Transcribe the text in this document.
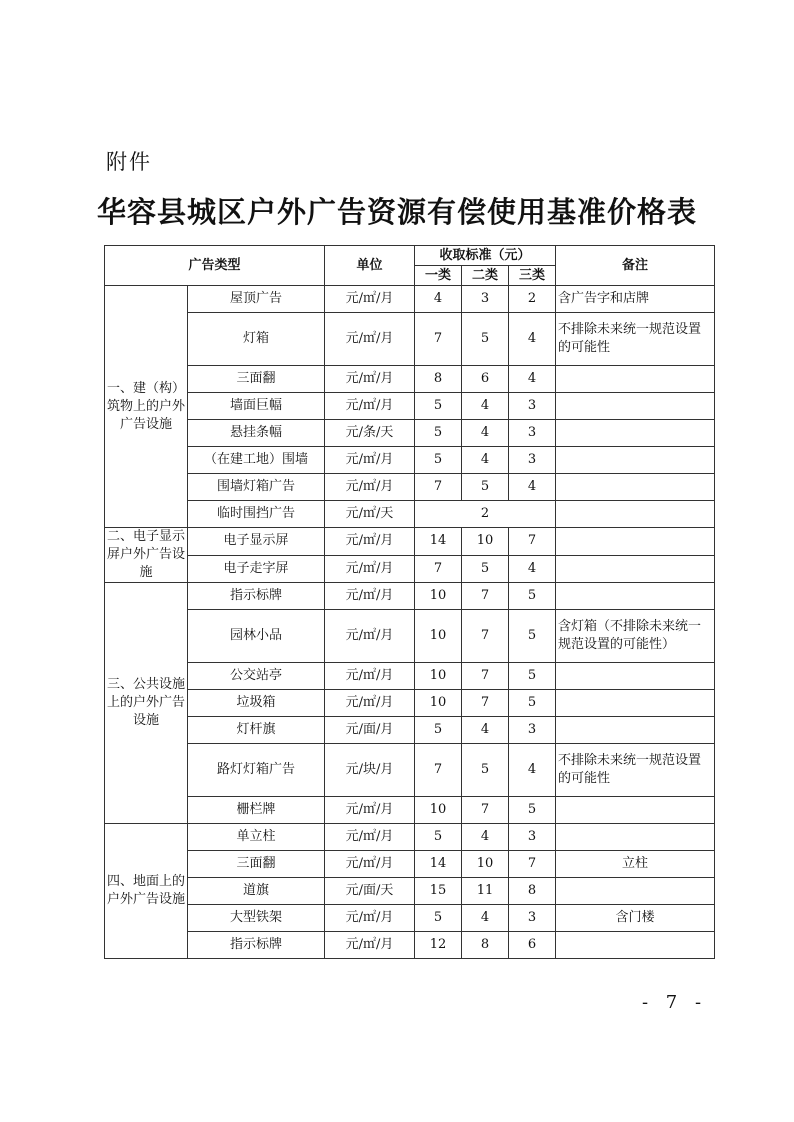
附件
华容县城区户外广告资源有偿使用基准价格表
广告类型		单位	收取标准（元）			备注
			一类	二类	三类	
一、建（构）筑物上的户外广告设施	屋顶广告	元/㎡/月	4	3	2	含广告字和店牌
	灯箱	元/㎡/月	7	5	4	不排除未来统一规范设置的可能性
	三面翻	元/㎡/月	8	6	4	
	墙面巨幅	元/㎡/月	5	4	3	
	悬挂条幅	元/条/天	5	4	3	
	（在建工地）围墙	元/㎡/月	5	4	3	
	围墙灯箱广告	元/㎡/月	7	5	4	
	临时围挡广告	元/㎡/天	2			
二、电子显示屏户外广告设施	电子显示屏	元/㎡/月	14	10	7	
	电子走字屏	元/㎡/月	7	5	4	
三、公共设施上的户外广告设施	指示标牌	元/㎡/月	10	7	5	
	园林小品	元/㎡/月	10	7	5	含灯箱（不排除未来统一规范设置的可能性）
	公交站亭	元/㎡/月	10	7	5	
	垃圾箱	元/㎡/月	10	7	5	
	灯杆旗	元/面/月	5	4	3	
	路灯灯箱广告	元/块/月	7	5	4	不排除未来统一规范设置的可能性
	栅栏牌	元/㎡/月	10	7	5	
四、地面上的户外广告设施	单立柱	元/㎡/月	5	4	3	
	三面翻	元/㎡/月	14	10	7	立柱
	道旗	元/面/天	15	11	8	
	大型铁架	元/㎡/月	5	4	3	含门楼
	指示标牌	元/㎡/月	12	8	6	
- 7 -
